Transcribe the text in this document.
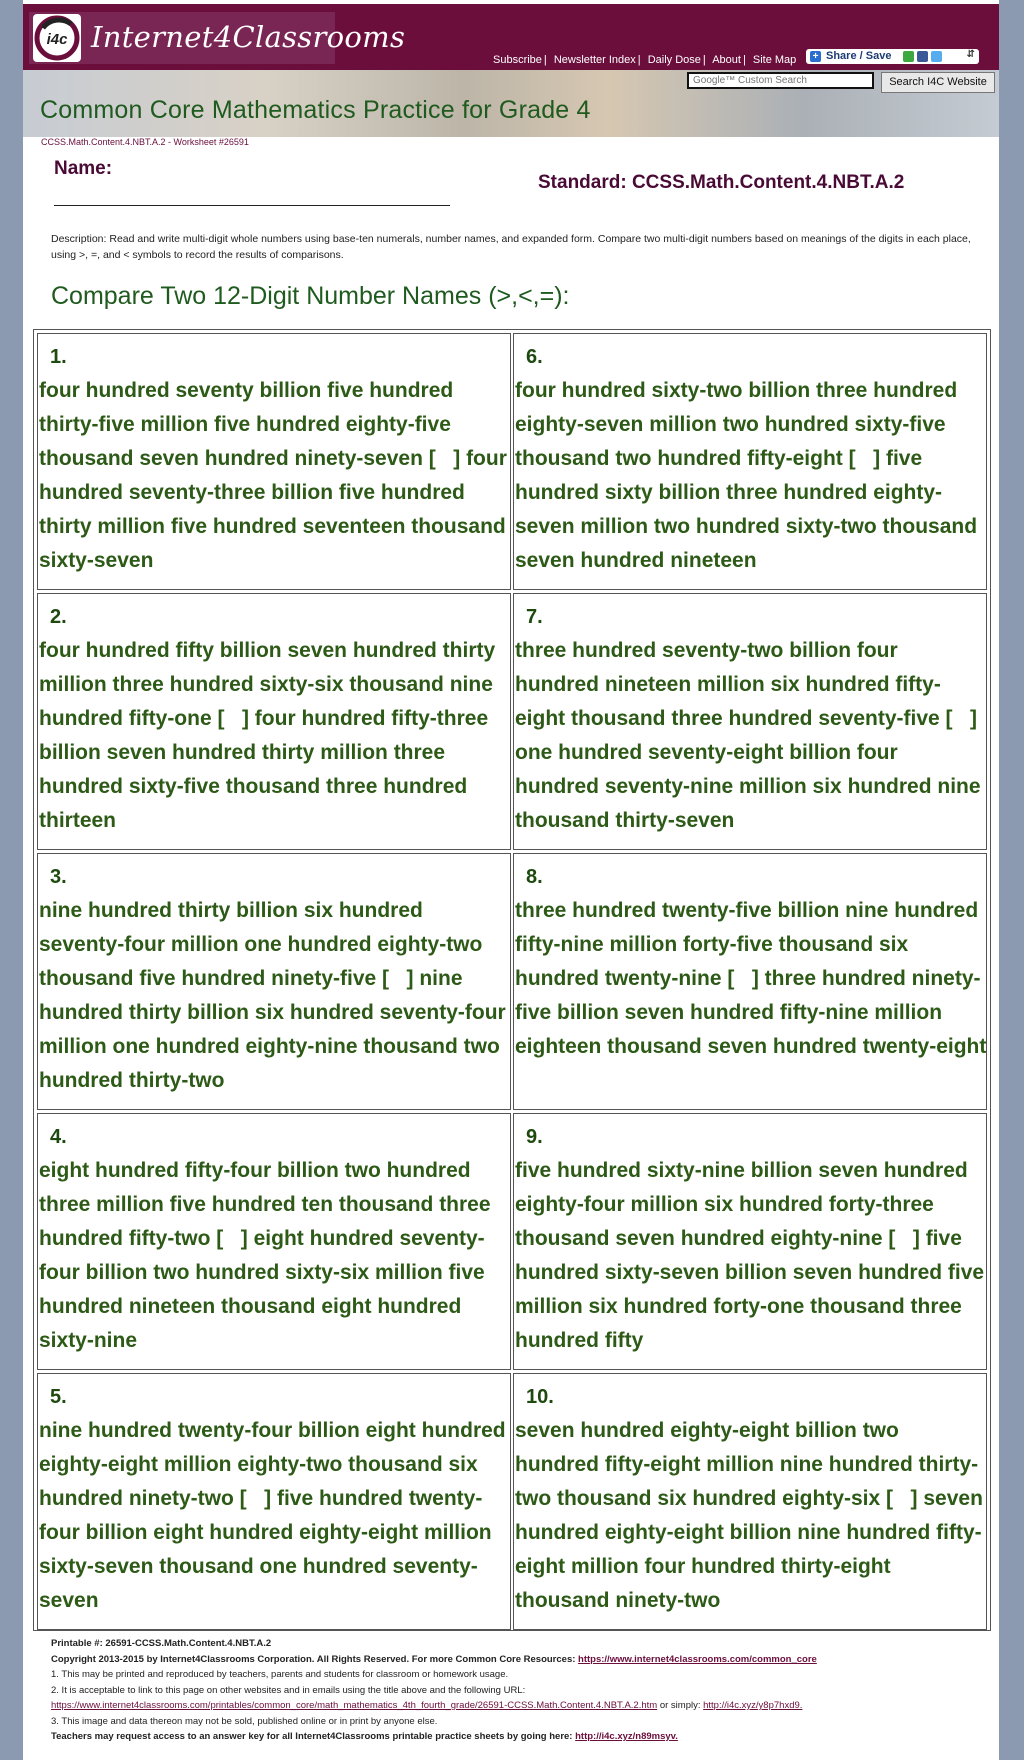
i4c Internet4Classrooms
Subscribe | Newsletter Index | Daily Dose | About | Site Map + Share / Save	⇵
Google™ Custom Search
Search I4C Website
Common Core Mathematics Practice for Grade 4
CCSS.Math.Content.4.NBT.A.2 - Worksheet #26591
Name:
Standard: CCSS.Math.Content.4.NBT.A.2
Description: Read and write multi-digit whole numbers using base-ten numerals, number names, and expanded form. Compare two multi-digit numbers based on meanings of the digits in each place, using >, =, and < symbols to record the results of comparisons.
Compare Two 12-Digit Number Names (>,<,=):
1.
four hundred seventy billion five hundred thirty-five million five hundred eighty-five thousand seven hundred ninety-seven [   ] four hundred seventy-three billion five hundred thirty million five hundred seventeen thousand sixty-seven
6.
four hundred sixty-two billion three hundred eighty-seven million two hundred sixty-five thousand two hundred fifty-eight [   ] five hundred sixty billion three hundred eighty-seven million two hundred sixty-two thousand seven hundred nineteen
2.
four hundred fifty billion seven hundred thirty million three hundred sixty-six thousand nine hundred fifty-one [   ] four hundred fifty-three billion seven hundred thirty million three hundred sixty-five thousand three hundred thirteen
7.
three hundred seventy-two billion four hundred nineteen million six hundred fifty-eight thousand three hundred seventy-five [   ] one hundred seventy-eight billion four hundred seventy-nine million six hundred nine thousand thirty-seven
3.
nine hundred thirty billion six hundred seventy-four million one hundred eighty-two thousand five hundred ninety-five [   ] nine hundred thirty billion six hundred seventy-four million one hundred eighty-nine thousand two hundred thirty-two
8.
three hundred twenty-five billion nine hundred fifty-nine million forty-five thousand six hundred twenty-nine [   ] three hundred ninety-five billion seven hundred fifty-nine million eighteen thousand seven hundred twenty-eight
4.
eight hundred fifty-four billion two hundred three million five hundred ten thousand three hundred fifty-two [   ] eight hundred seventy-four billion two hundred sixty-six million five hundred nineteen thousand eight hundred sixty-nine
9.
five hundred sixty-nine billion seven hundred eighty-four million six hundred forty-three thousand seven hundred eighty-nine [   ] five hundred sixty-seven billion seven hundred five million six hundred forty-one thousand three hundred fifty
5.
nine hundred twenty-four billion eight hundred eighty-eight million eighty-two thousand six hundred ninety-two [   ] five hundred twenty-four billion eight hundred eighty-eight million sixty-seven thousand one hundred seventy-seven
10.
seven hundred eighty-eight billion two hundred fifty-eight million nine hundred thirty-two thousand six hundred eighty-six [   ] seven hundred eighty-eight billion nine hundred fifty-eight million four hundred thirty-eight thousand ninety-two
Printable #: 26591-CCSS.Math.Content.4.NBT.A.2
Copyright 2013-2015 by Internet4Classrooms Corporation. All Rights Reserved. For more Common Core Resources: https://www.internet4classrooms.com/common_core
1. This may be printed and reproduced by teachers, parents and students for classroom or homework usage.
2. It is acceptable to link to this page on other websites and in emails using the title above and the following URL:
https://www.internet4classrooms.com/printables/common_core/math_mathematics_4th_fourth_grade/26591-CCSS.Math.Content.4.NBT.A.2.htm or simply: http://i4c.xyz/y8p7hxd9.
3. This image and data thereon may not be sold, published online or in print by anyone else.
Teachers may request access to an answer key for all Internet4Classrooms printable practice sheets by going here: http://i4c.xyz/n89msyv.
